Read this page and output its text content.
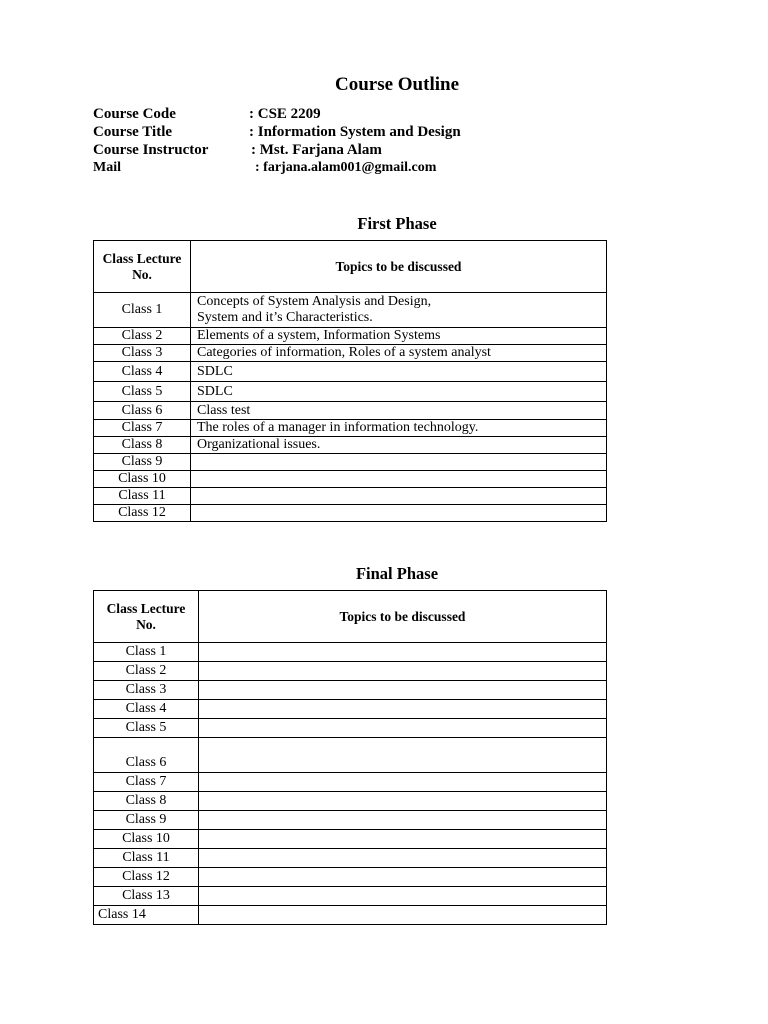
Course Outline
Course Code	: CSE 2209
Course Title	: Information System and Design
Course Instructor	: Mst. Farjana Alam
Mail	: farjana.alam001@gmail.com
First Phase
Class Lecture No.	Topics to be discussed
Class 1	Concepts of System Analysis and Design,
System and it’s Characteristics.

Class 2	Elements of a system, Information Systems
Class 3	Categories of information, Roles of a system analyst
Class 4	SDLC
Class 5	SDLC
Class 6	Class test
Class 7	The roles of a manager in information technology.
Class 8	Organizational issues.
Class 9	
Class 10	
Class 11	
Class 12	
Final Phase
Class Lecture No.	Topics to be discussed
Class 1	
Class 2	
Class 3	
Class 4	
Class 5	
Class 6	
Class 7	
Class 8	
Class 9	
Class 10	
Class 11	
Class 12	
Class 13	
Class 14	
